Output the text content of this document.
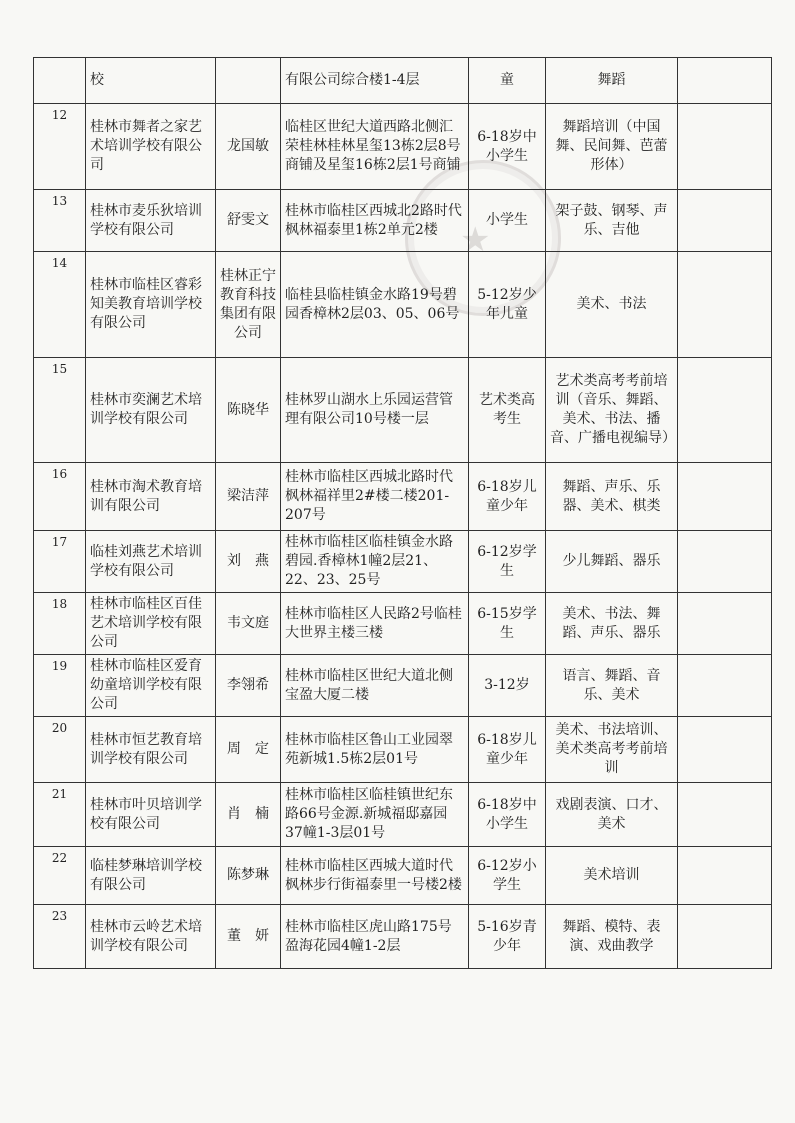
★
	校		有限公司综合楼1-4层	童	舞蹈	
12	桂林市舞者之家艺术培训学校有限公司	龙国敏	临桂区世纪大道西路北侧汇荣桂林桂林星玺13栋2层8号商铺及星玺16栋2层1号商铺	6-18岁中小学生	舞蹈培训（中国舞、民间舞、芭蕾形体）	
13	桂林市麦乐狄培训学校有限公司	舒雯文	桂林市临桂区西城北2路时代枫林福泰里1栋2单元2楼	小学生	架子鼓、钢琴、声乐、吉他	
14	桂林市临桂区睿彩知美教育培训学校有限公司	桂林正宁教育科技集团有限公司	临桂县临桂镇金水路19号碧园香樟林2层03、05、06号	5-12岁少年儿童	美术、书法	
15	桂林市奕澜艺术培训学校有限公司	陈晓华	桂林罗山湖水上乐园运营管理有限公司10号楼一层	艺术类高考生	艺术类高考考前培训（音乐、舞蹈、美术、书法、播音、广播电视编导）	
16	桂林市淘术教育培训有限公司	梁洁萍	桂林市临桂区西城北路时代枫林福祥里2#楼二楼201-207号	6-18岁儿童少年	舞蹈、声乐、乐器、美术、棋类	
17	临桂刘燕艺术培训学校有限公司	刘　燕	桂林市临桂区临桂镇金水路碧园.香樟林1幢2层21、22、23、25号	6-12岁学生	少儿舞蹈、器乐	
18	桂林市临桂区百佳艺术培训学校有限公司	韦文庭	桂林市临桂区人民路2号临桂大世界主楼三楼	6-15岁学生	美术、书法、舞蹈、声乐、器乐	
19	桂林市临桂区爱育幼童培训学校有限公司	李翎希	桂林市临桂区世纪大道北侧宝盈大厦二楼	3-12岁	语言、舞蹈、音乐、美术	
20	桂林市恒艺教育培训学校有限公司	周　定	桂林市临桂区鲁山工业园翠苑新城1.5栋2层01号	6-18岁儿童少年	美术、书法培训、美术类高考考前培训	
21	桂林市叶贝培训学校有限公司	肖　楠	桂林市临桂区临桂镇世纪东路66号金源.新城福邸嘉园37幢1-3层01号	6-18岁中小学生	戏剧表演、口才、美术	
22	临桂梦琳培训学校有限公司	陈梦琳	桂林市临桂区西城大道时代枫林步行街福泰里一号楼2楼	6-12岁小学生	美术培训	
23	桂林市云岭艺术培训学校有限公司	董　妍	桂林市临桂区虎山路175号盈海花园4幢1-2层	5-16岁青少年	舞蹈、模特、表演、戏曲教学	
